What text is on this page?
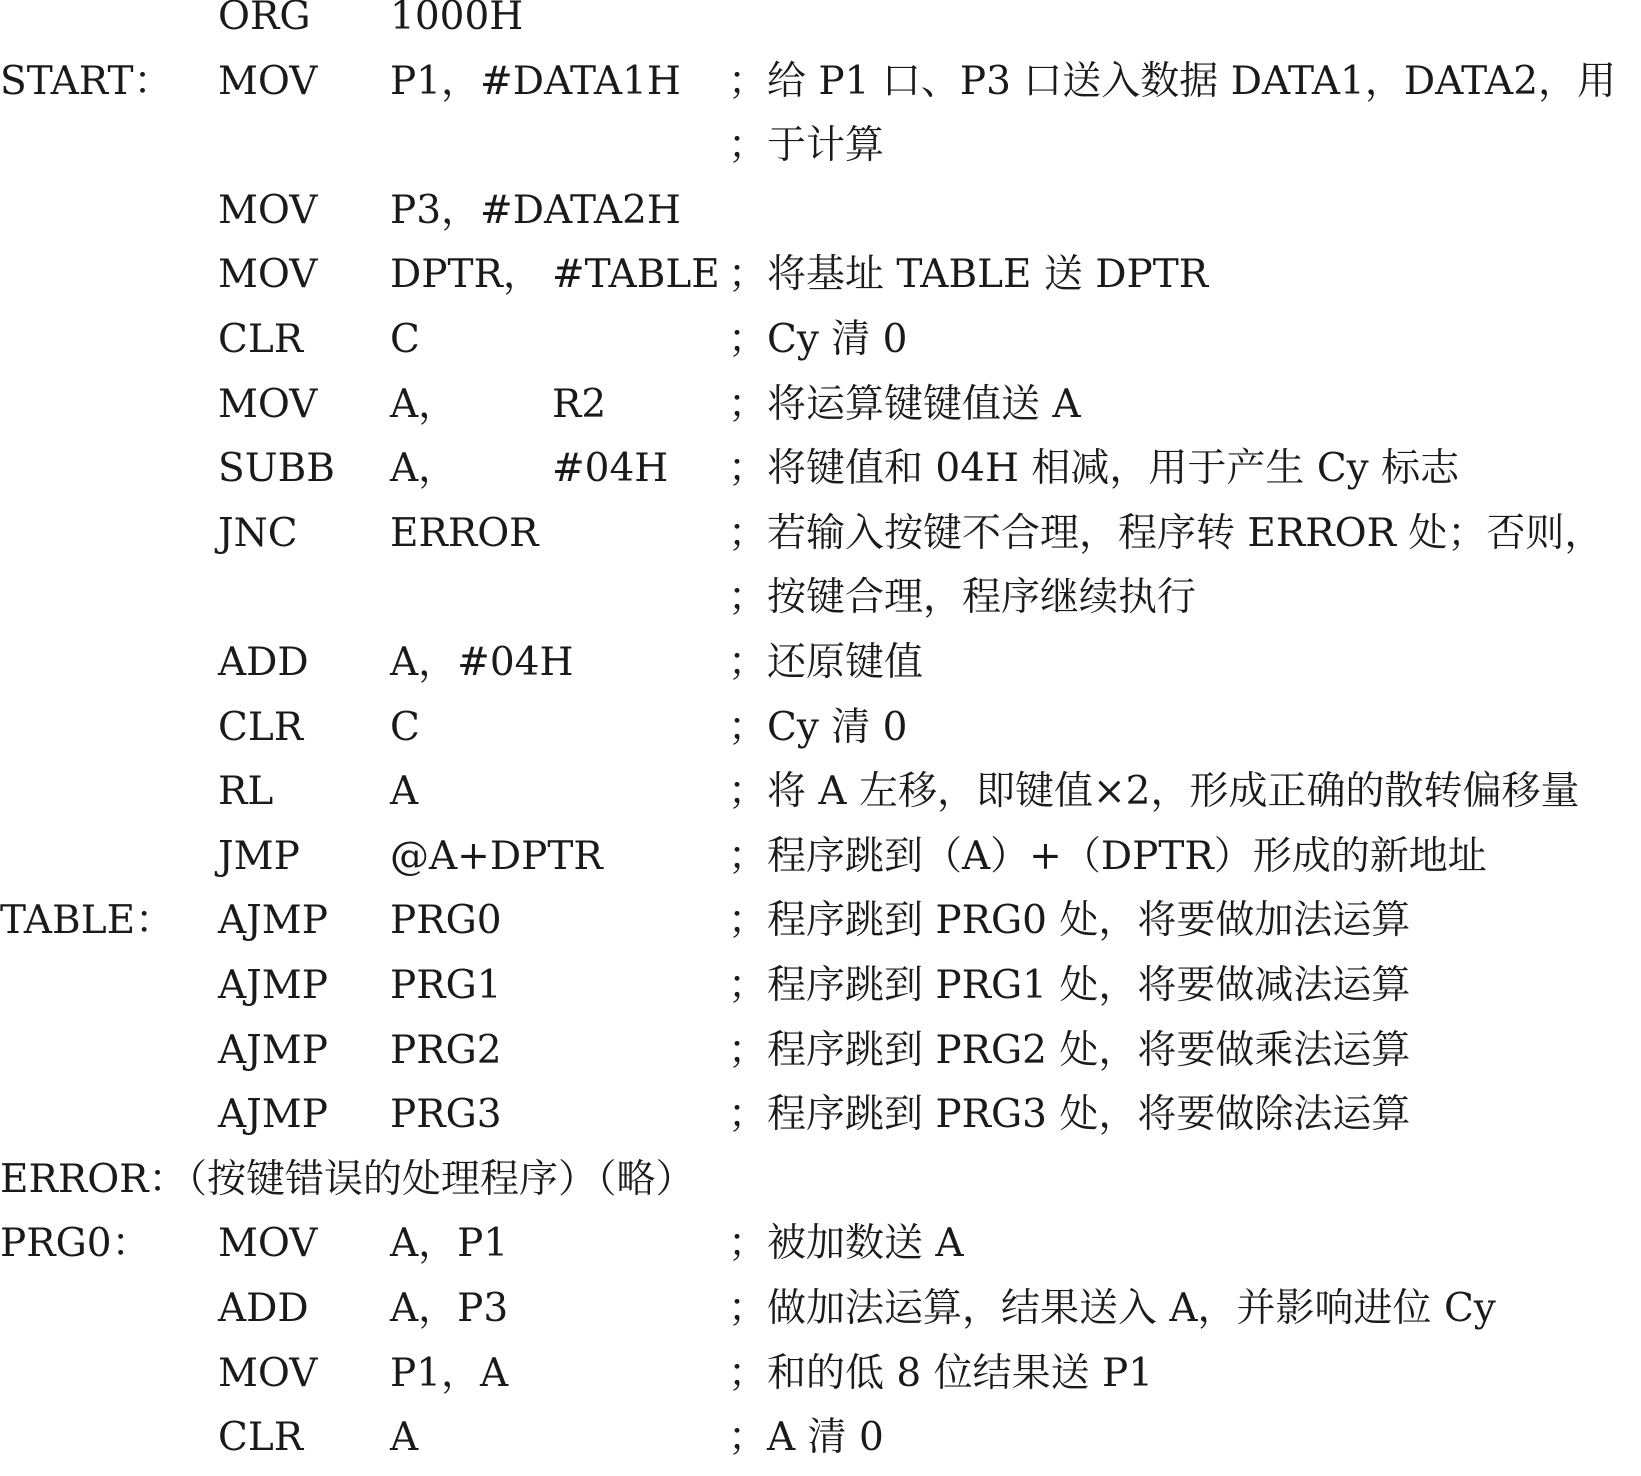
ORG 1000H
START： MOV P1，#DATA1H ；给 P1 口、P3 口送入数据 DATA1，DATA2，用
；于计算
MOV P3，#DATA2H
MOV DPTR， #TABLE ；将基址 TABLE 送 DPTR
CLR C	；Cy 清 0
MOV A， R2	；将运算键键值送 A
SUBB A， #04H ；将键值和 04H 相减，用于产生 Cy 标志
JNC ERROR	；若输入按键不合理，程序转 ERROR 处；否则，
；按键合理，程序继续执行
ADD A，#04H	；还原键值
CLR C	；Cy 清 0
RL	A	；将 A 左移，即键值×2，形成正确的散转偏移量
JMP @A+DPTR	；程序跳到（A）+（DPTR）形成的新地址
TABLE： AJMP PRG0	；程序跳到 PRG0 处，将要做加法运算
AJMP PRG1	；程序跳到 PRG1 处，将要做减法运算
AJMP PRG2	；程序跳到 PRG2 处，将要做乘法运算
AJMP PRG3	；程序跳到 PRG3 处，将要做除法运算
ERROR：（按键错误的处理程序）（略）
PRG0： MOV A，P1	；被加数送 A
ADD A，P3	；做加法运算，结果送入 A，并影响进位 Cy
MOV P1，A	；和的低 8 位结果送 P1
CLR A	；A 清 0
